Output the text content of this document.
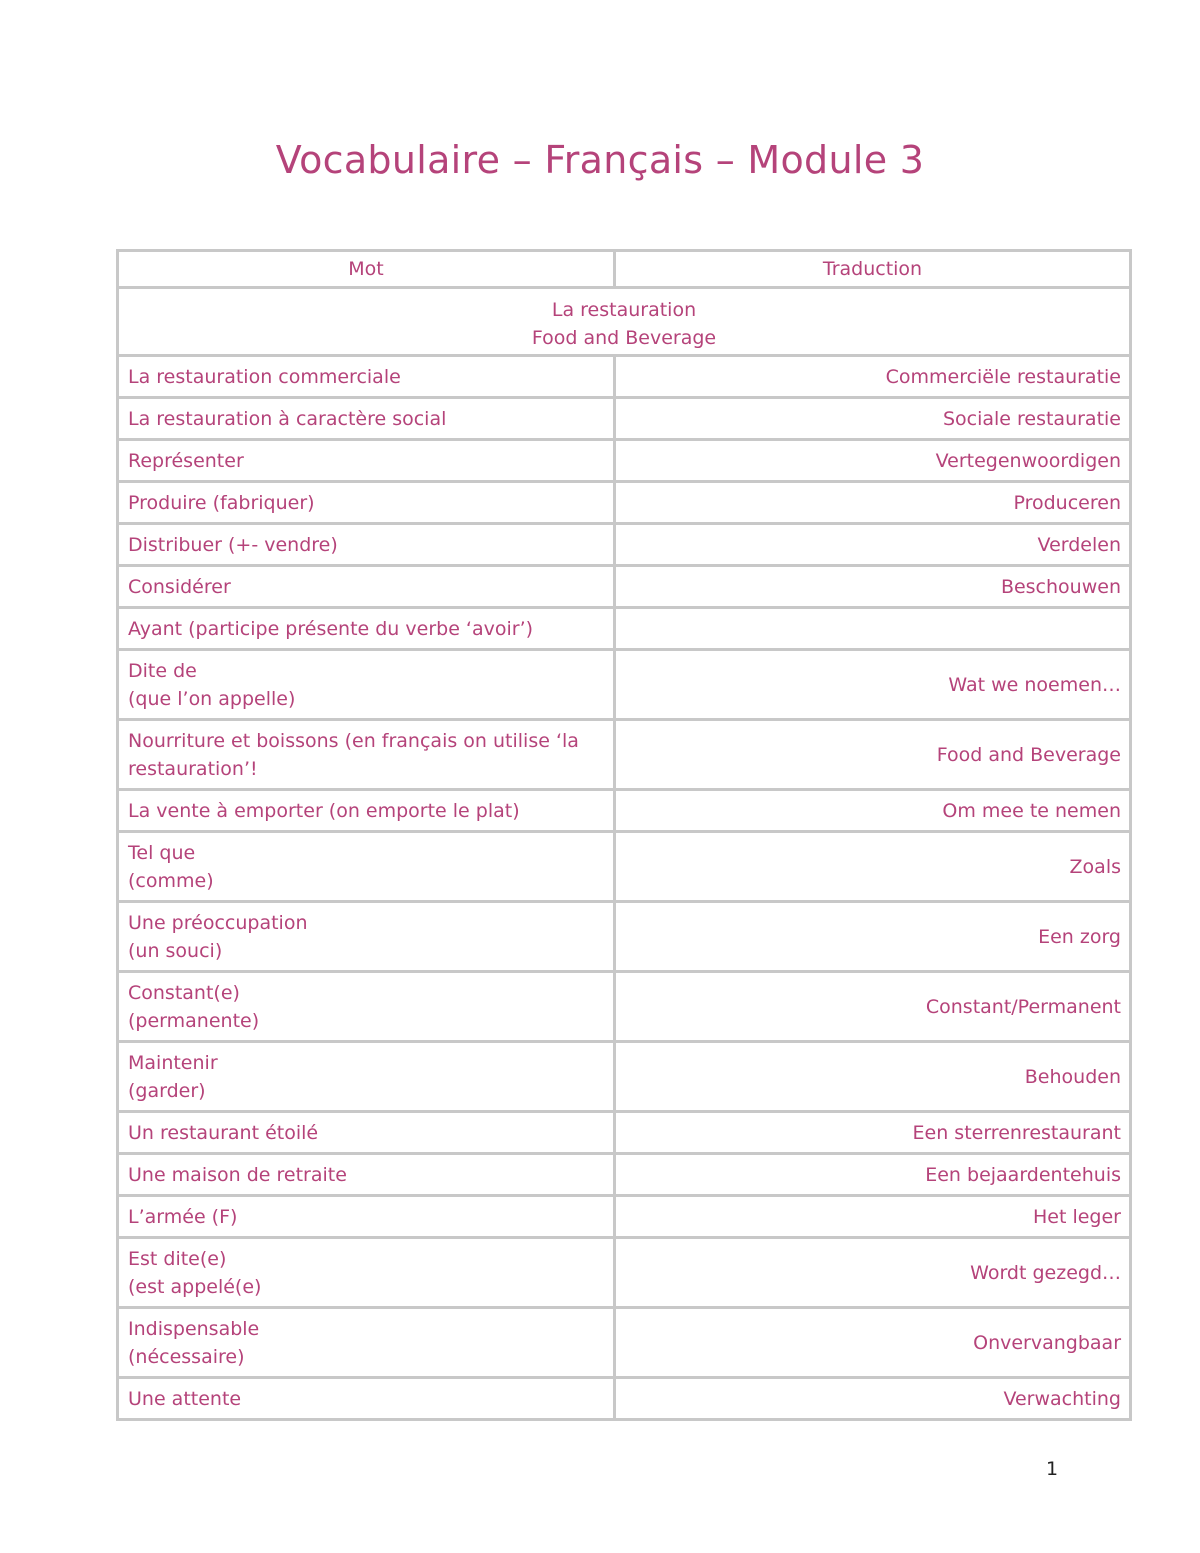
Vocabulaire – Français – Module 3
Mot	Traduction

La restauration
Food and Beverage	

La restauration commerciale	Commerciële restauratie

La restauration à caractère social	Sociale restauratie

Représenter	Vertegenwoordigen

Produire (fabriquer)	Produceren

Distribuer (+- vendre)	Verdelen

Considérer	Beschouwen

Ayant (participe présente du verbe ‘avoir’)	

Dite de
(que l’on appelle)	Wat we noemen…

Nourriture et boissons (en français on utilise ‘la
restauration’!	Food and Beverage

La vente à emporter (on emporte le plat)	Om mee te nemen

Tel que
(comme)	Zoals

Une préoccupation
(un souci)	Een zorg

Constant(e)
(permanente)	Constant/Permanent

Maintenir
(garder)	Behouden

Un restaurant étoilé	Een sterrenrestaurant

Une maison de retraite	Een bejaardentehuis

L’armée (F)	Het leger

Est dite(e)
(est appelé(e)	Wordt gezegd…

Indispensable
(nécessaire)	Onvervangbaar

Une attente	Verwachting
1
